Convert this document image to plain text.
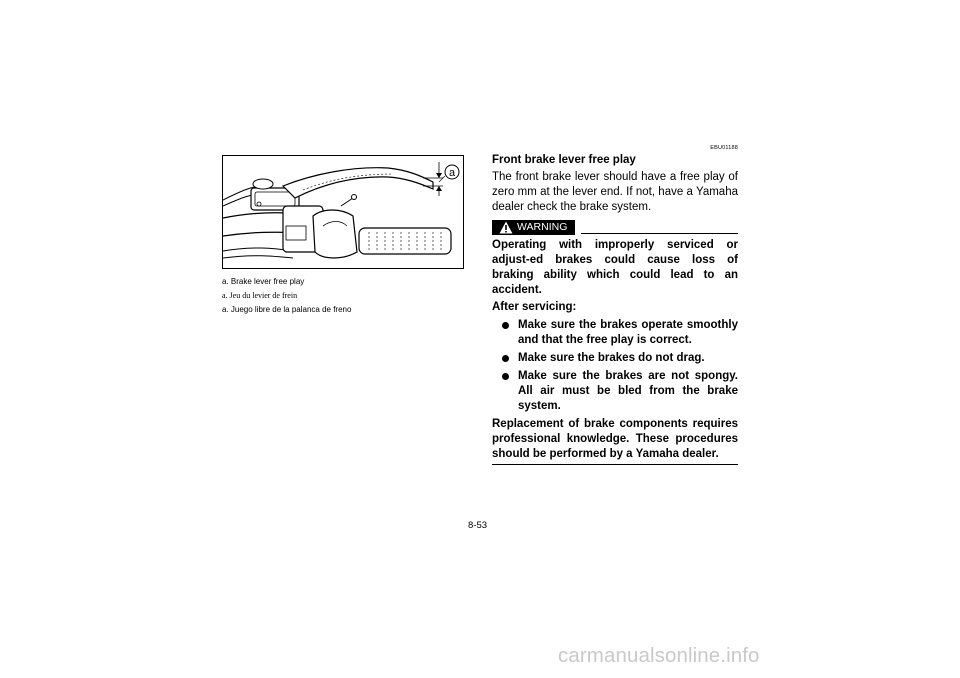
a

a. Brake lever free play

a. Jeu du levier de frein

a. Juego libre de la palanca de freno

EBU01188

Front brake lever free play

The front brake lever should have a free play of zero mm at the lever end. If not, have a Yamaha dealer check the brake system.

WARNING

Operating with improperly serviced or adjust-ed brakes could cause loss of braking ability which could lead to an accident.

After servicing:

Make sure the brakes operate smoothly and that the free play is correct.
Make sure the brakes do not drag.
Make sure the brakes are not spongy. All air must be bled from the brake system.

Replacement of brake components requires professional knowledge. These procedures should be performed by a Yamaha dealer.

8-53
carmanualsonline.info
